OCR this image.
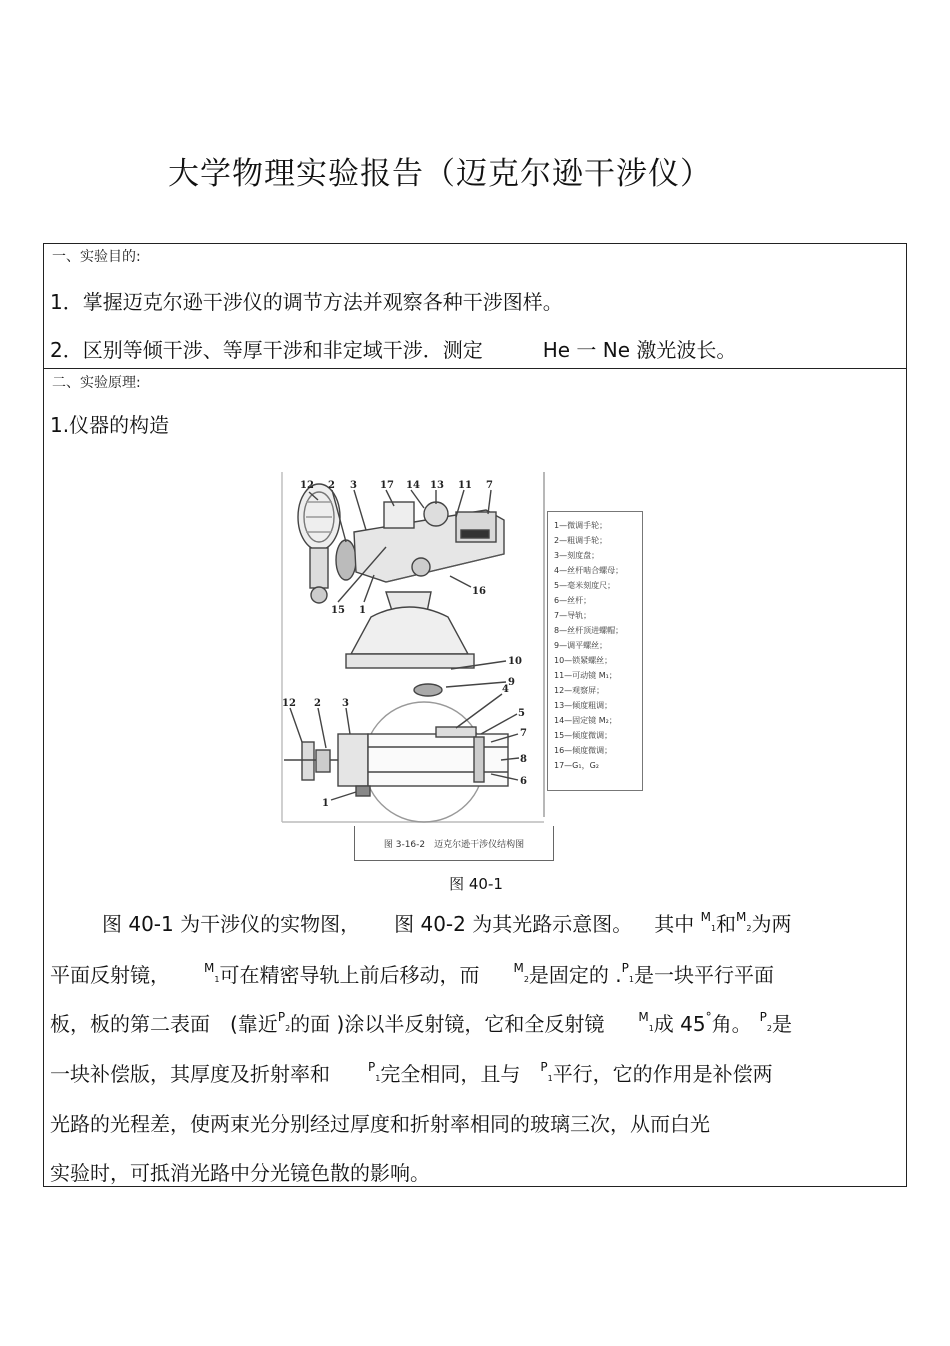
大学物理实验报告（迈克尔逊干涉仪）
一、实验目的:
1．掌握迈克尔逊干涉仪的调节方法并观察各种干涉图样。
2．区别等倾干涉、等厚干涉和非定域干涉．测定	He 一 Ne 激光波长。
二、实验原理:
1.仪器的构造
12 2 3 17 14 13 11 7
16
15 1
10
9
12 2 3
4
5
7
8
6
1
1—微调手轮；
2—粗调手轮；
3—刻度盘；
4—丝杆啮合螺母；
5—毫米刻度尺；
6—丝杆；
7—导轨；
8—丝杆顶进螺帽；
9—调平螺丝；
10—锁紧螺丝；
11—可动镜 M₁；
12—观察屏；
13—倾度粗调；
14—固定镜 M₂；
15—倾度微调；
16—倾度微调；
17—G₁，G₂
图 3-16-2　迈克尔逊干涉仪结构图
图 40-1
图 40-1 为干涉仪的实物图， 图 40-2 为其光路示意图。 其中 $^M$1和$^M$2为两
平面反射镜，	$^M$1可在精密导轨上前后移动，而	$^M$2是固定的 .$^P$1是一块平行平面
板，板的第二表面　(靠近$^P$2的面 )涂以半反射镜，它和全反射镜	$^M$1成 45°角。 $^P$2是
一块补偿版，其厚度及折射率和	$^P$1完全相同，且与 $^P$1平行，它的作用是补偿两
光路的光程差，使两束光分别经过厚度和折射率相同的玻璃三次，从而白光
实验时，可抵消光路中分光镜色散的影响。
